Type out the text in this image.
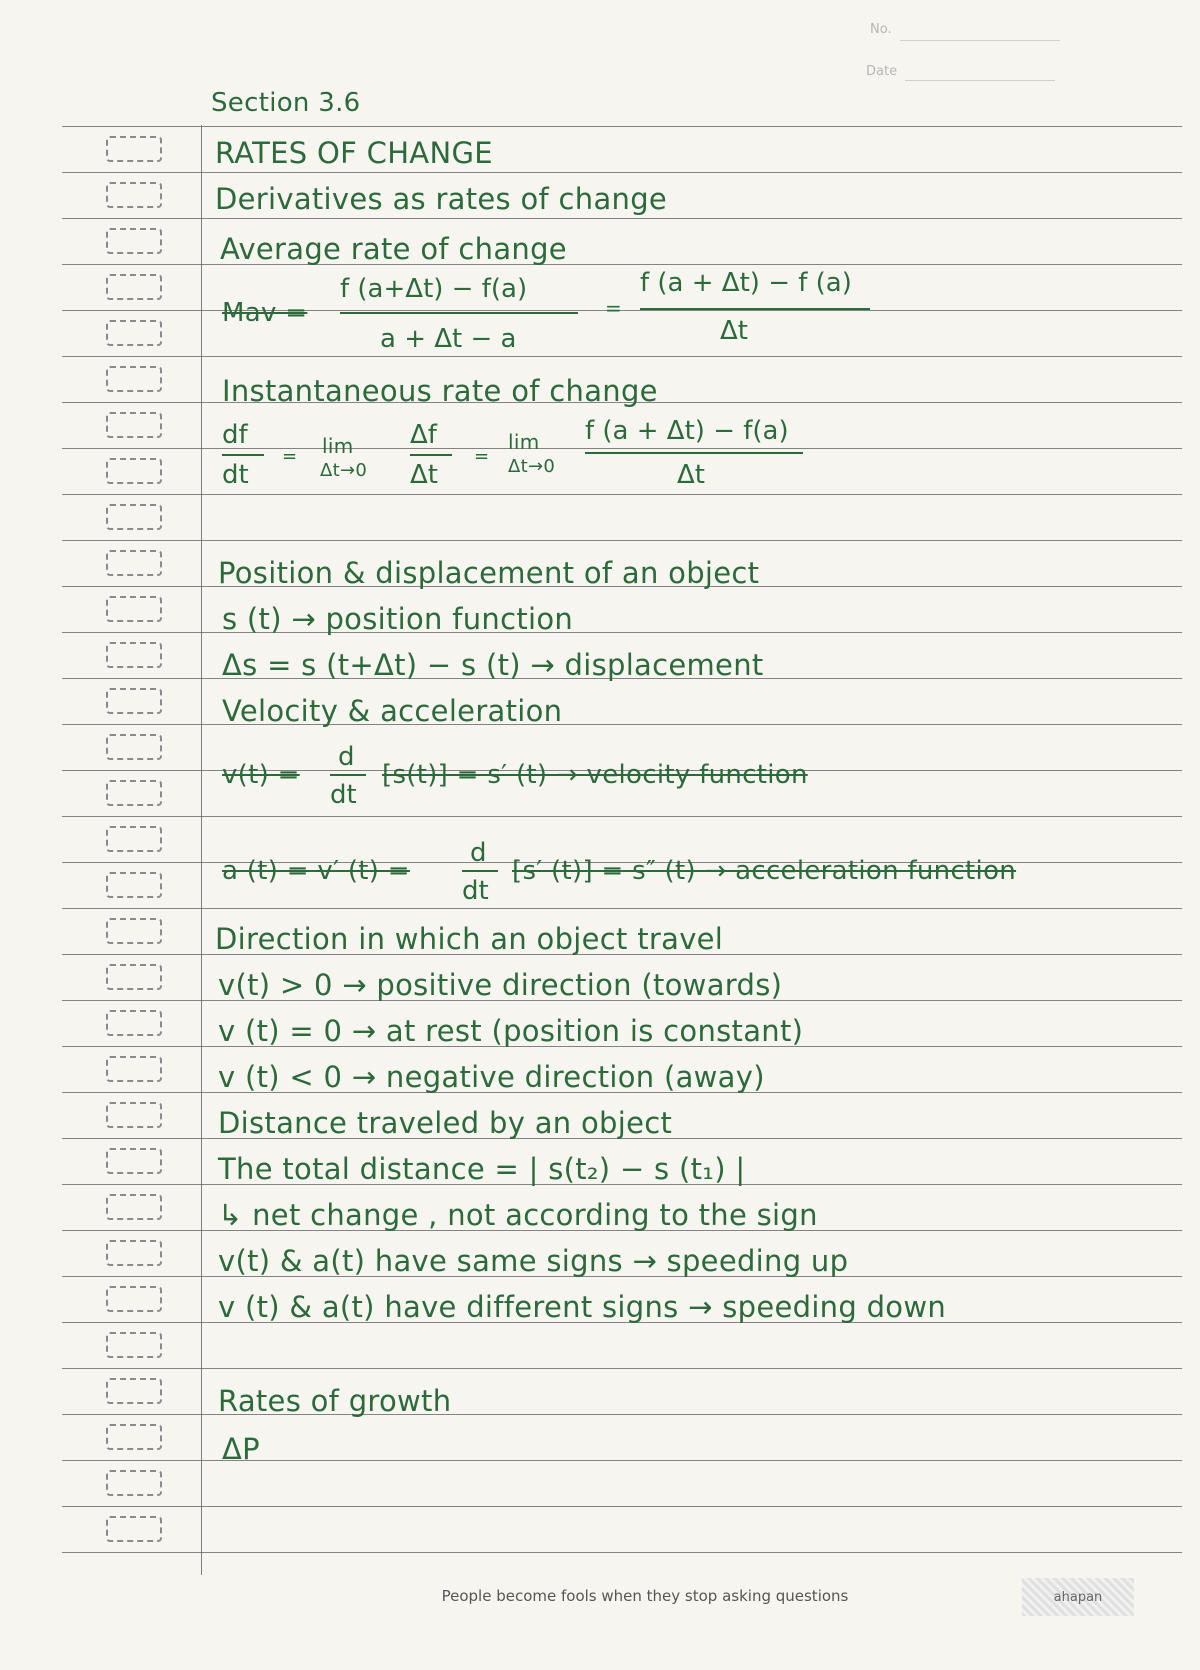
No.
Date
Section 3.6
RATES OF CHANGE
Derivatives as rates of change
Average rate of change
Mav =
f (a+Δt) − f(a)
a + Δt − a
=
f (a + Δt) − f (a)
Δt
Instantaneous rate of change
df
dt
= lim
Δt→0
Δf
Δt
=
lim
Δt→0
f (a + Δt) − f(a)
Δt
Position & displacement of an object
s (t) → position function
Δs = s (t+Δt) − s (t) → displacement
Velocity & acceleration
v(t) =
d
dt
[s(t)] = s′ (t) → velocity function
a (t) = v′ (t) =
d
dt
[s′ (t)] = s″ (t) → acceleration function
Direction in which an object travel
v(t) > 0 → positive direction (towards)
v (t) = 0 → at rest (position is constant)
v (t) < 0 → negative direction (away)
Distance traveled by an object
The total distance = | s(t₂) − s (t₁) |
↳ net change , not according to the sign
v(t) & a(t) have same signs → speeding up
v (t) & a(t) have different signs → speeding down
Rates of growth
ΔP
People become fools when they stop asking questions	ahapan
